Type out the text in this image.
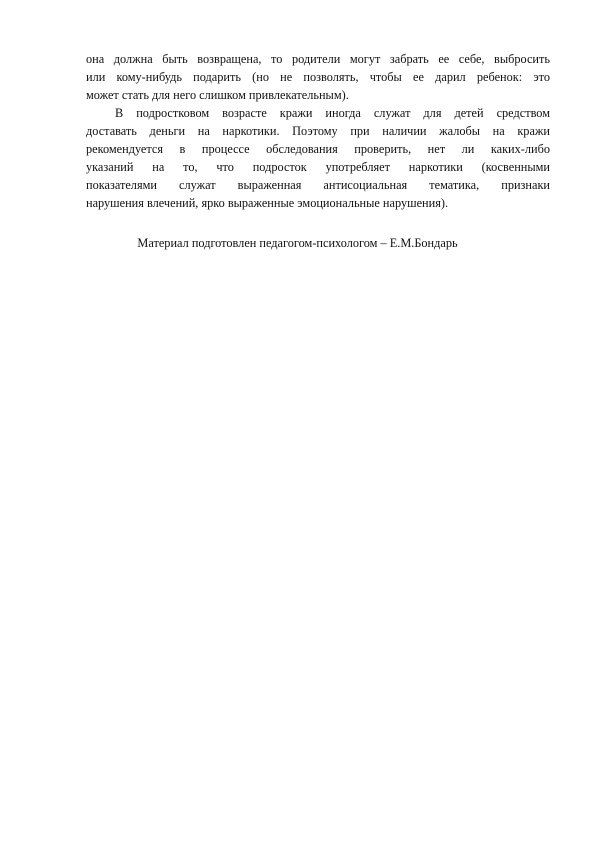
она должна быть возвращена, то родители могут забрать ее себе, выбросить
или кому-нибудь подарить (но не позволять, чтобы ее дарил ребенок: это
может стать для него слишком привлекательным).
В подростковом возрасте кражи иногда служат для детей средством
доставать деньги на наркотики. Поэтому при наличии жалобы на кражи
рекомендуется в процессе обследования проверить, нет ли каких-либо
указаний на то, что подросток употребляет наркотики (косвенными
показателями служат выраженная антисоциальная тематика, признаки
нарушения влечений, ярко выраженные эмоциональные нарушения).
Материал подготовлен педагогом-психологом – Е.М.Бондарь
